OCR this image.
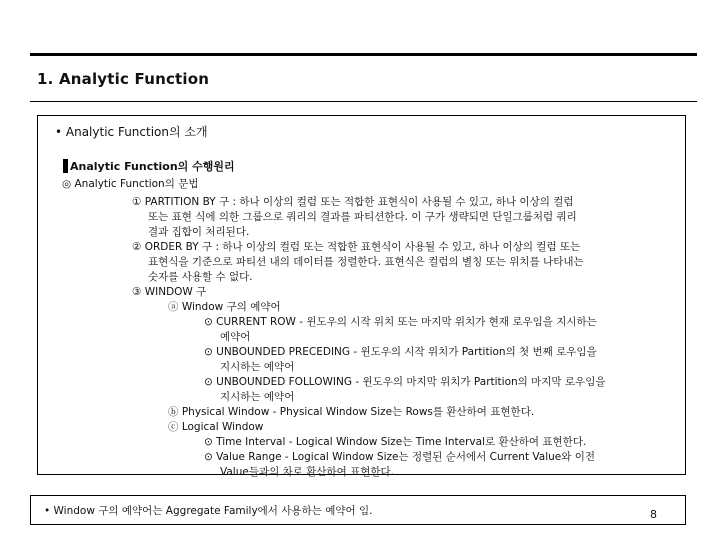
1. Analytic Function
• Analytic Function의 소개
Analytic Function의 수행원리
◎ Analytic Function의 문법
① PARTITION BY 구 : 하나 이상의 컬럼 또는 적합한 표현식이 사용될 수 있고, 하나 이상의 컬럼
또는 표현 식에 의한 그룹으로 쿼리의 결과를 파티션한다. 이 구가 생략되면 단일그룹처럼 쿼리
결과 집합이 처리된다.
② ORDER BY 구 : 하나 이상의 컬럼 또는 적합한 표현식이 사용될 수 있고, 하나 이상의 컬럼 또는
표현식을 기준으로 파티션 내의 데이터를 정렬한다. 표현식은 컬럼의 별칭 또는 위치를 나타내는
숫자를 사용할 수 없다.
③ WINDOW 구
ⓐ Window 구의 예약어
⊙ CURRENT ROW - 윈도우의 시작 위치 또는 마지막 위치가 현재 로우임을 지시하는
예약어
⊙ UNBOUNDED PRECEDING - 윈도우의 시작 위치가 Partition의 첫 번째 로우임을
지시하는 예약어
⊙ UNBOUNDED FOLLOWING - 윈도우의 마지막 위치가 Partition의 마지막 로우임을
지시하는 예약어
ⓑ Physical Window - Physical Window Size는 Rows를 환산하여 표현한다.
ⓒ Logical Window
⊙ Time Interval - Logical Window Size는 Time Interval로 환산하여 표현한다.
⊙ Value Range - Logical Window Size는 정렬된 순서에서 Current Value와 이전
Value들과의 차로 환산하여 표현한다.
• Window 구의 예약어는 Aggregate Family에서 사용하는 예약어 임.	8
